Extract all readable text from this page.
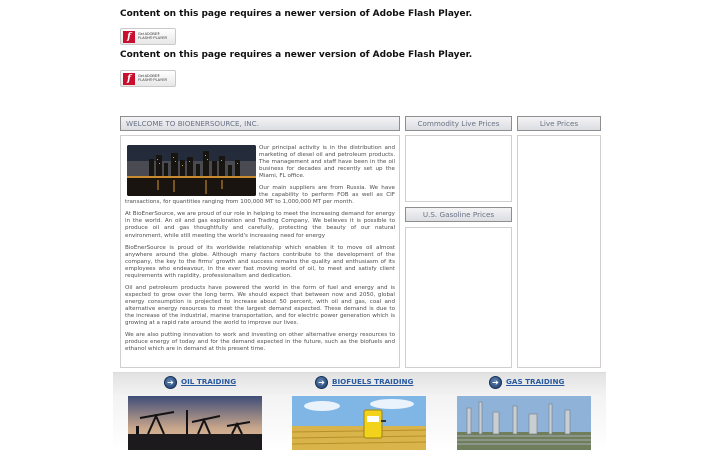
Content on this page requires a newer version of Adobe Flash Player.
f	Get ADOBE®
FLASH® PLAYER
Content on this page requires a newer version of Adobe Flash Player.
f	Get ADOBE®
FLASH® PLAYER
WELCOME TO BIOENERSOURCE, INC.	Commodity Live Prices	Live Prices

Our principal activity is in the distribution and marketing of diesel oil and petroleum products. The management and staff have been in the oil business for decades and recently set up the Miami, FL office.

Our main suppliers are from Russia. We have the capability to perform FOB as well as CIF transactions, for quantities ranging from 100,000 MT to 1,000,000 MT per month.

At BioEnerSource, we are proud of our role in helping to meet the increasing demand for energy in the world. An oil and gas exploration and Trading Company, We believes it is possible to produce oil and gas thoughtfully and carefully, protecting the beauty of our natural environment, while still meeting the world's increasing need for energy

BioEnerSource is proud of its worldwide relationship which enables it to move oil almost anywhere around the globe. Although many factors contribute to the development of the company, the key to the firms' growth and success remains the quality and enthusiasm of its employees who endeavour, in the ever fast moving world of oil, to meet and satisfy client requirements with rapidity, professionalism and dedication.

Oil and petroleum products have powered the world in the form of fuel and energy and is expected to grow over the long term. We should expect that between now and 2050, global energy consumption is projected to increase about 50 percent, with oil and gas, coal and alternative energy resources to meet the largest demand expected. These demand is due to the increase of the industrial, marine transportation, and for electric power generation which is growing at a rapid rate around the world to improve our lives.

We are also putting innovation to work and investing on other alternative energy resources to produce energy of today and for the demand expected in the future, such as the biofuels and ethanol which are in demand at this present time.

U.S. Gasoline Prices
➔ OIL TRAIDING	➔ BIOFUELS TRAIDING	➔ GAS TRAIDING
